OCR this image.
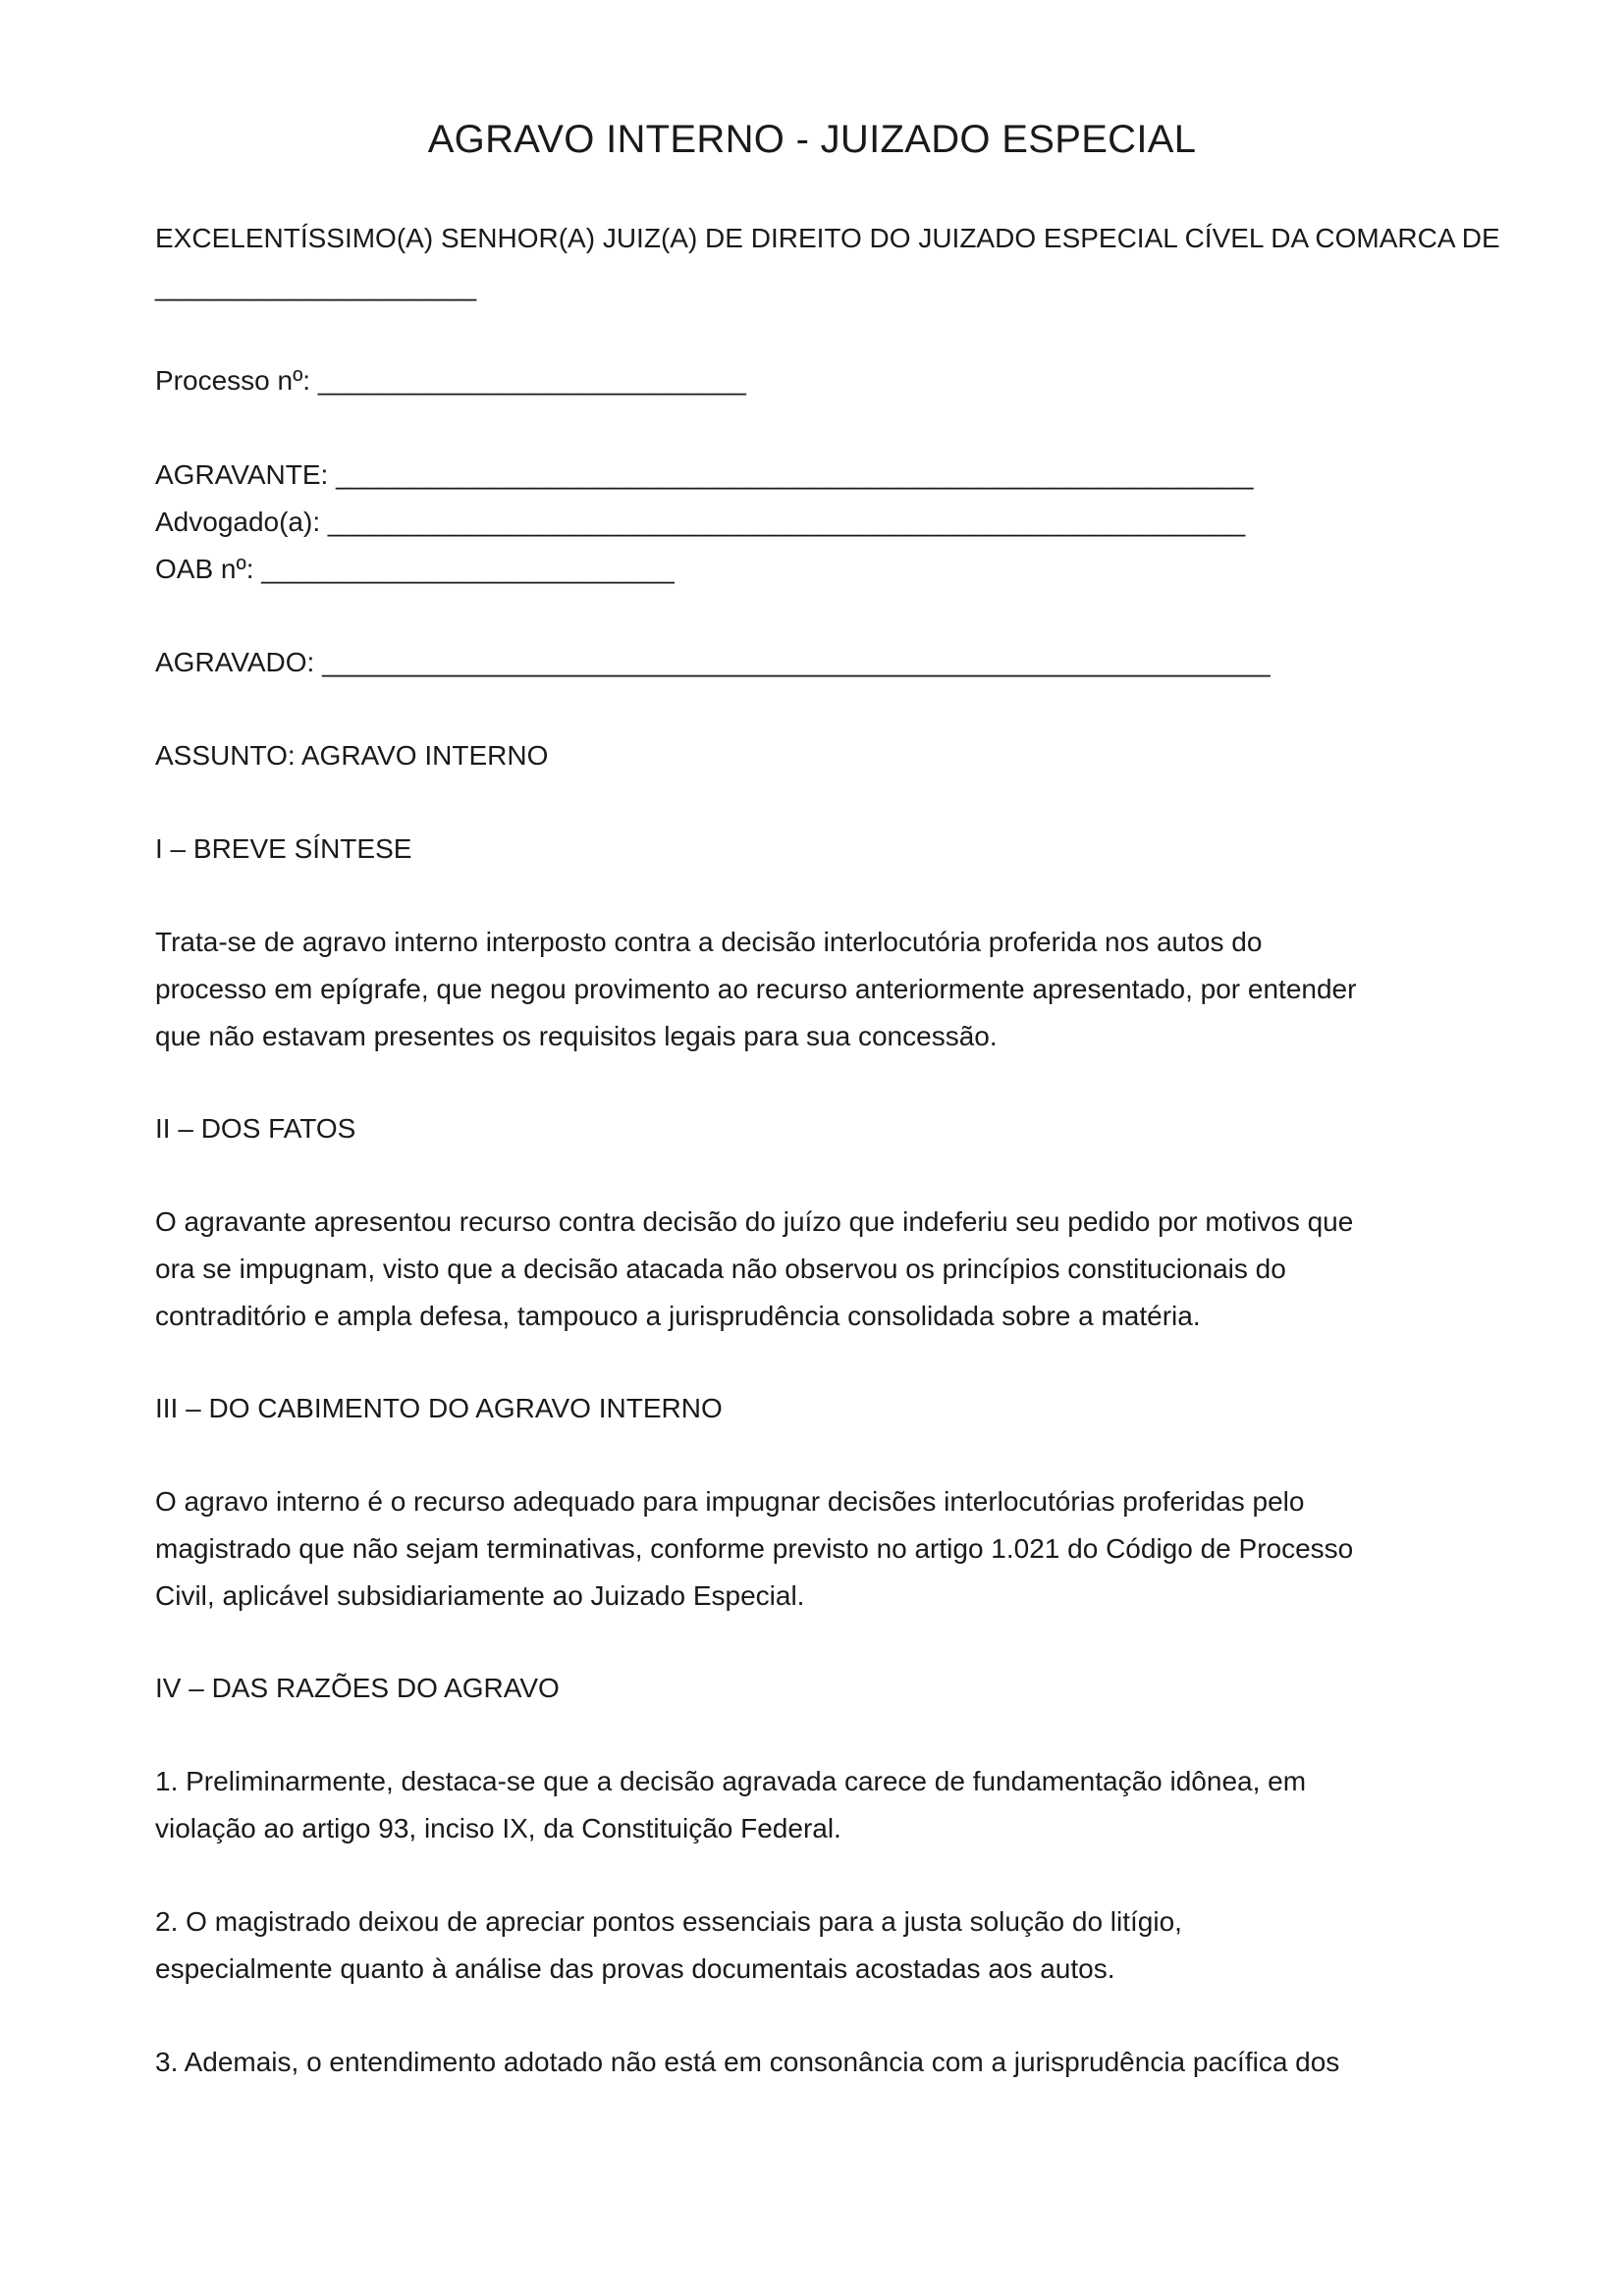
AGRAVO INTERNO - JUIZADO ESPECIAL
EXCELENTÍSSIMO(A) SENHOR(A) JUIZ(A) DE DIREITO DO JUIZADO ESPECIAL CÍVEL DA COMARCA DE
_____________________
Processo nº: ____________________________
AGRAVANTE: ____________________________________________________________
Advogado(a): ____________________________________________________________
OAB nº: ___________________________
AGRAVADO: ______________________________________________________________
ASSUNTO: AGRAVO INTERNO
I – BREVE SÍNTESE
Trata-se de agravo interno interposto contra a decisão interlocutória proferida nos autos do
processo em epígrafe, que negou provimento ao recurso anteriormente apresentado, por entender
que não estavam presentes os requisitos legais para sua concessão.
II – DOS FATOS
O agravante apresentou recurso contra decisão do juízo que indeferiu seu pedido por motivos que
ora se impugnam, visto que a decisão atacada não observou os princípios constitucionais do
contraditório e ampla defesa, tampouco a jurisprudência consolidada sobre a matéria.
III – DO CABIMENTO DO AGRAVO INTERNO
O agravo interno é o recurso adequado para impugnar decisões interlocutórias proferidas pelo
magistrado que não sejam terminativas, conforme previsto no artigo 1.021 do Código de Processo
Civil, aplicável subsidiariamente ao Juizado Especial.
IV – DAS RAZÕES DO AGRAVO
1. Preliminarmente, destaca-se que a decisão agravada carece de fundamentação idônea, em
violação ao artigo 93, inciso IX, da Constituição Federal.
2. O magistrado deixou de apreciar pontos essenciais para a justa solução do litígio,
especialmente quanto à análise das provas documentais acostadas aos autos.
3. Ademais, o entendimento adotado não está em consonância com a jurisprudência pacífica dos
